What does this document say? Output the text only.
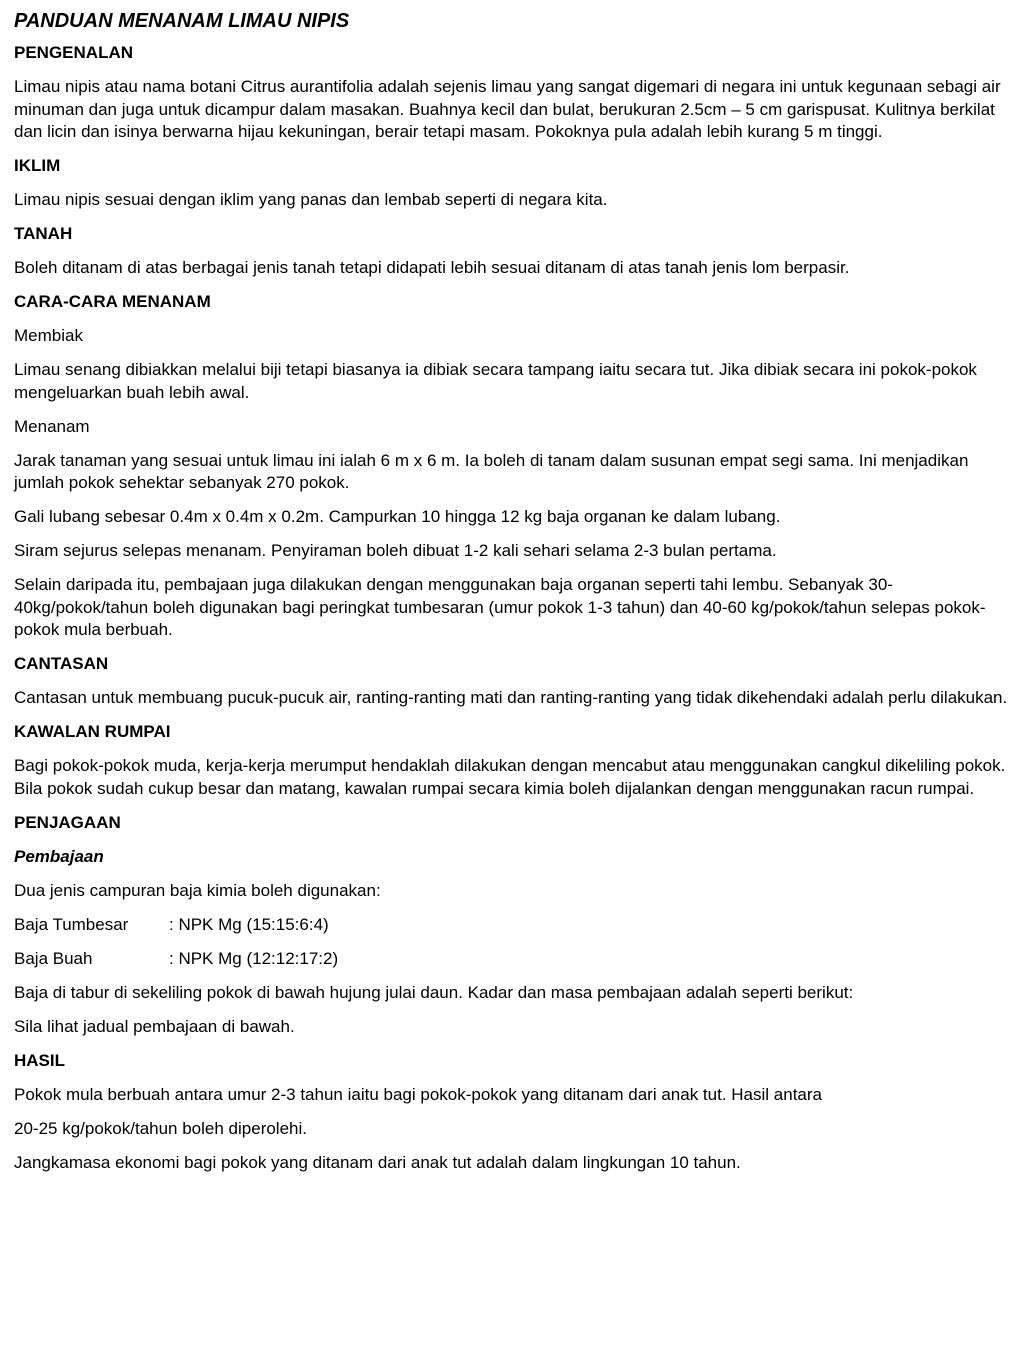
PANDUAN MENANAM LIMAU NIPIS
PENGENALAN
Limau nipis atau nama botani Citrus aurantifolia adalah sejenis limau yang sangat digemari di negara ini untuk kegunaan sebagi air minuman dan juga untuk dicampur dalam masakan. Buahnya kecil dan bulat, berukuran 2.5cm – 5 cm garispusat. Kulitnya berkilat dan licin dan isinya berwarna hijau kekuningan, berair tetapi masam. Pokoknya pula adalah lebih kurang 5 m tinggi.
IKLIM
Limau nipis sesuai dengan iklim yang panas dan lembab seperti di negara kita.
TANAH
Boleh ditanam di atas berbagai jenis tanah tetapi didapati lebih sesuai ditanam di atas tanah jenis lom berpasir.
CARA-CARA MENANAM
Membiak
Limau senang dibiakkan melalui biji tetapi biasanya ia dibiak secara tampang iaitu secara tut. Jika dibiak secara ini pokok-pokok mengeluarkan buah lebih awal.
Menanam
Jarak tanaman yang sesuai untuk limau ini ialah 6 m x 6 m. Ia boleh di tanam dalam susunan empat segi sama. Ini menjadikan jumlah pokok sehektar sebanyak 270 pokok.
Gali lubang sebesar 0.4m x 0.4m x 0.2m. Campurkan 10 hingga 12 kg baja organan ke dalam lubang.
Siram sejurus selepas menanam. Penyiraman boleh dibuat 1-2 kali sehari selama 2-3 bulan pertama.
Selain daripada itu, pembajaan juga dilakukan dengan menggunakan baja organan seperti tahi lembu. Sebanyak 30-40kg/pokok/tahun boleh digunakan bagi peringkat tumbesaran (umur pokok 1-3 tahun) dan 40-60 kg/pokok/tahun selepas pokok-pokok mula berbuah.
CANTASAN
Cantasan untuk membuang pucuk-pucuk air, ranting-ranting mati dan ranting-ranting yang tidak dikehendaki adalah perlu dilakukan.
KAWALAN RUMPAI
Bagi pokok-pokok muda, kerja-kerja merumput hendaklah dilakukan dengan mencabut atau menggunakan cangkul dikeliling pokok. Bila pokok sudah cukup besar dan matang, kawalan rumpai secara kimia boleh dijalankan dengan menggunakan racun rumpai.
PENJAGAAN
Pembajaan
Dua jenis campuran baja kimia boleh digunakan:
Baja Tumbesar	: NPK Mg (15:15:6:4)
Baja Buah	: NPK Mg (12:12:17:2)
Baja di tabur di sekeliling pokok di bawah hujung julai daun. Kadar dan masa pembajaan adalah seperti berikut:
Sila lihat jadual pembajaan di bawah.
HASIL
Pokok mula berbuah antara umur 2-3 tahun iaitu bagi pokok-pokok yang ditanam dari anak tut. Hasil antara
20-25 kg/pokok/tahun boleh diperolehi.
Jangkamasa ekonomi bagi pokok yang ditanam dari anak tut adalah dalam lingkungan 10 tahun.
